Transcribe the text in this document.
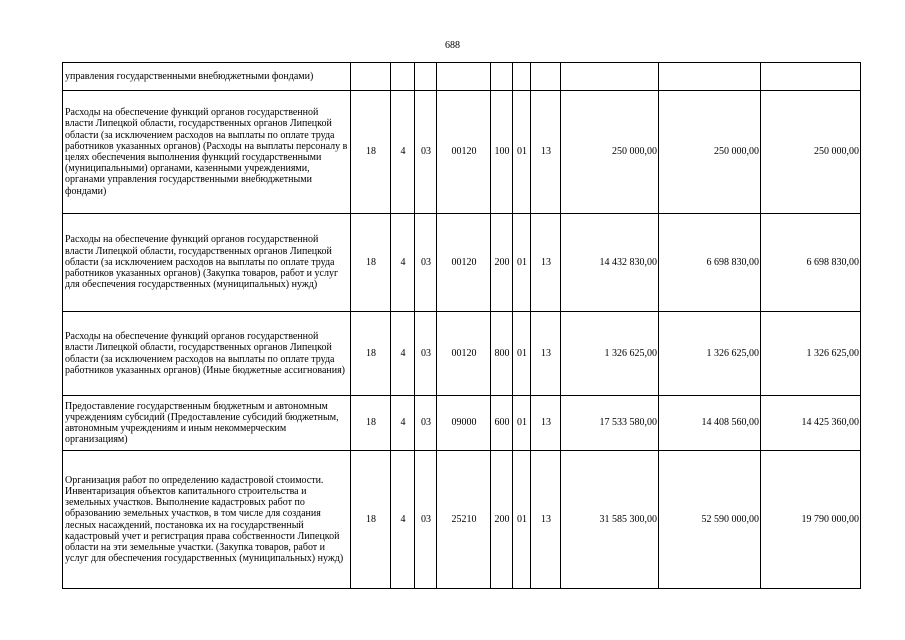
688
управления государственными внебюджетными фондами)										
Расходы на обеспечение функций органов государственной власти Липецкой области, государственных органов Липецкой области (за исключением расходов на выплаты по оплате труда работников указанных органов) (Расходы на выплаты персоналу в целях обеспечения выполнения функций государственными (муниципальными) органами, казенными учреждениями, органами управления государственными внебюджетными фондами)	18	4	03	00120	100	01	13	250 000,00	250 000,00	250 000,00
Расходы на обеспечение функций органов государственной власти Липецкой области, государственных органов Липецкой области (за исключением расходов на выплаты по оплате труда работников указанных органов) (Закупка товаров, работ и услуг для обеспечения государственных (муниципальных) нужд)	18	4	03	00120	200	01	13	14 432 830,00	6 698 830,00	6 698 830,00
Расходы на обеспечение функций органов государственной власти Липецкой области, государственных органов Липецкой области (за исключением расходов на выплаты по оплате труда работников указанных органов) (Иные бюджетные ассигнования)	18	4	03	00120	800	01	13	1 326 625,00	1 326 625,00	1 326 625,00
Предоставление государственным бюджетным и автономным учреждениям субсидий (Предоставление субсидий бюджетным, автономным учреждениям и иным некоммерческим организациям)	18	4	03	09000	600	01	13	17 533 580,00	14 408 560,00	14 425 360,00
Организация работ по определению кадастровой стоимости. Инвентаризация объектов капитального строительства и земельных участков. Выполнение кадастровых работ по образованию земельных участков, в том числе для создания лесных насаждений, постановка их на государственный кадастровый учет и регистрация права собственности Липецкой области на эти земельные участки. (Закупка товаров, работ и услуг для обеспечения государственных (муниципальных) нужд)	18	4	03	25210	200	01	13	31 585 300,00	52 590 000,00	19 790 000,00
